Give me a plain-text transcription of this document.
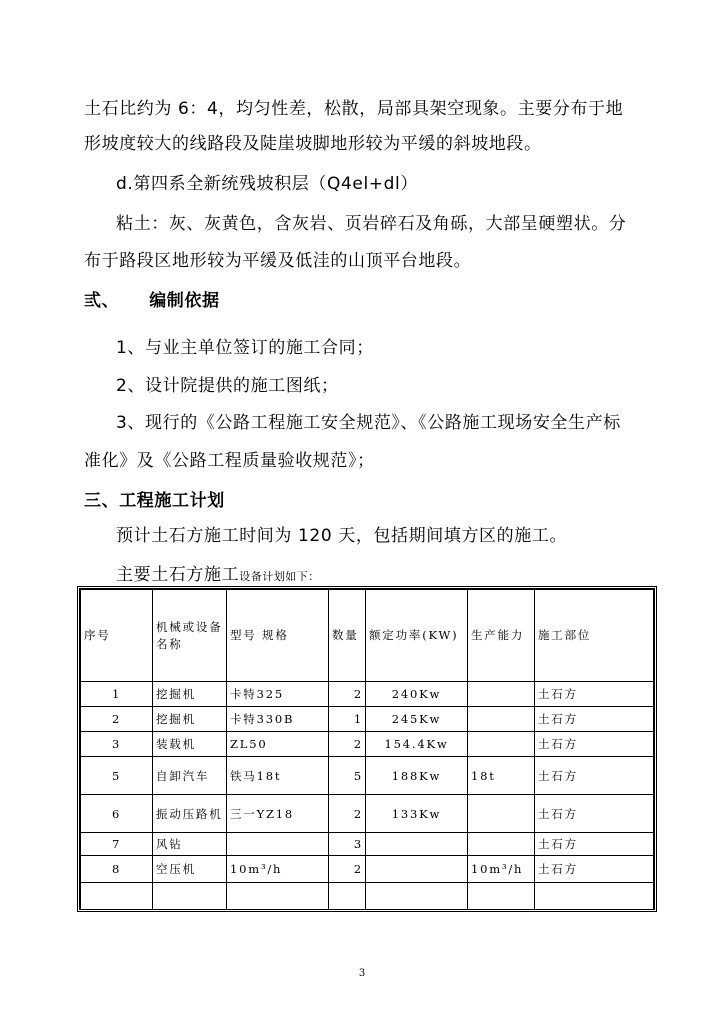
土石比约为 6：4，均匀性差，松散，局部具架空现象。主要分布于地
形坡度较大的线路段及陡崖坡脚地形较为平缓的斜坡地段。
d.第四系全新统残坡积层（Q4el+dl）
粘土：灰、灰黄色，含灰岩、页岩碎石及角砾，大部呈硬塑状。分
布于路段区地形较为平缓及低洼的山顶平台地段。
弎、 编制依据
1、与业主单位签订的施工合同；
2、设计院提供的施工图纸；
3、现行的《公路工程施工安全规范》、《公路施工现场安全生产标
准化》及《公路工程质量验收规范》；
三、工程施工计划
预计土石方施工时间为 120 天，包括期间填方区的施工。
主要土石方施工设备计划如下：
序号	机械或设备名称	型号 规格	数量	额定功率(KW)	生产能力	施工部位
1	挖掘机	卡特325	2	240Kw		土石方
2	挖掘机	卡特330B	1	245Kw		土石方
3	装载机	ZL50	2	154.4Kw		土石方
5	自卸汽车	铁马18t	5	188Kw	18t	土石方
6	振动压路机	三一YZ18	2	133Kw		土石方
7	风钻		3			土石方
8	空压机	10m³/h	2		10m³/h	土石方

3
